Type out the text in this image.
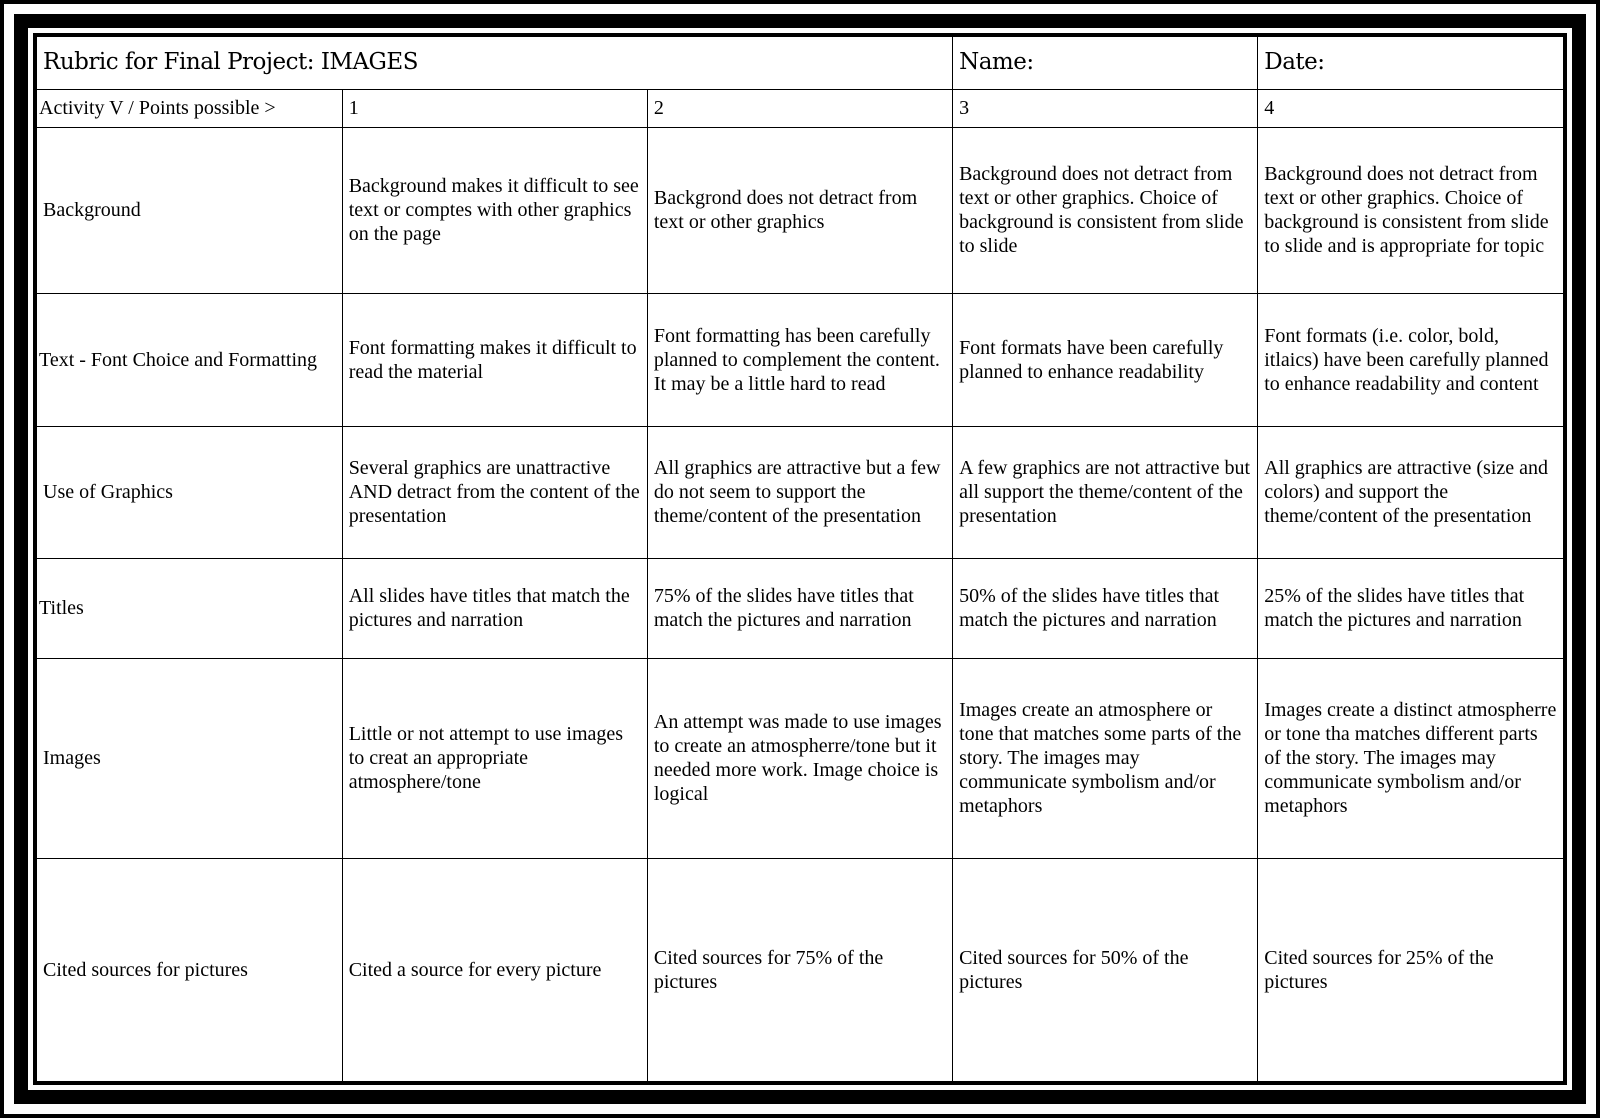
Rubric for Final Project: IMAGES			Name:	Date:
Activity V / Points possible >	1	2	3	4
Background	Background makes it difficult to see text or comptes with other graphics on the page	Backgrond does not detract from text or other graphics	Background does not detract from text or other graphics. Choice of background is consistent from slide to slide	Background does not detract from text or other graphics. Choice of background is consistent from slide to slide and is appropriate for topic
Text - Font Choice and Formatting	Font formatting makes it difficult to read the material	Font formatting has been carefully planned to complement the content. It may be a little hard to read	Font formats have been carefully planned to enhance readability	Font formats (i.e. color, bold, itlaics) have been carefully planned to enhance readability and content
Use of Graphics	Several graphics are unattractive AND detract from the content of the presentation	All graphics are attractive but a few do not seem to support the theme/content of the presentation	A few graphics are not attractive but all support the theme/content of the presentation	All graphics are attractive (size and colors) and support the theme/content of the presentation
Titles	All slides have titles that match the pictures and narration	75% of the slides have titles that match the pictures and narration	50% of the slides have titles that match the pictures and narration	25% of the slides have titles that match the pictures and narration
Images	Little or not attempt to use images to creat an appropriate atmosphere/tone	An attempt was made to use images to create an atmospherre/tone but it needed more work. Image choice is logical	Images create an atmosphere or tone that matches some parts of the story. The images may communicate symbolism and/or metaphors	Images create a distinct atmospherre or tone tha matches different parts of the story. The images may communicate symbolism and/or metaphors
Cited sources for pictures	Cited a source for every picture	Cited sources for 75% of the pictures	Cited sources for 50% of the pictures	Cited sources for 25% of the pictures
